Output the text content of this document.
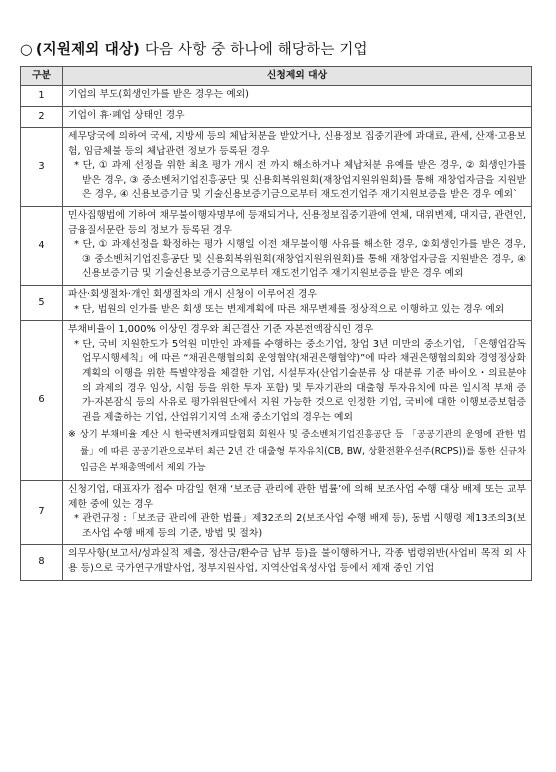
○ (지원제외 대상) 다음 사항 중 하나에 해당하는 기업
구분	신청제외 대상
1	기업의 부도(회생인가를 받은 경우는 예외)

2	기업이 휴·폐업 상태인 경우

3	세무당국에 의하여 국세, 지방세 등의 체납처분을 받았거나, 신용정보 집중기관에 과대료, 관세, 산재·고용보험, 임금체불 등의 체납관련 정보가 등록된 경우
* 단, ① 과제 선정을 위한 최초 평가 개시 전 까지 해소하거나 체납처분 유예를 받은 경우, ② 회생인가를 받은 경우, ③ 중소벤처기업진흥공단 및 신용회복위원회(재창업지원위원회)를 통해 재창업자금을 지원받은 경우, ④ 신용보증기금 및 기술신용보증기금으로부터 재도전기업주 재기지원보증을 받은 경우 예외`

4	민사집행법에 기하여 채무불이행자명부에 등재되거나, 신용정보집중기관에 연체, 대위변제, 대지급, 관련인, 금융질서문란 등의 정보가 등록된 경우
* 단, ① 과제선정을 확정하는 평가 시행일 이전 채무불이행 사유를 해소한 경우, ②회생인가를 받은 경우, ③ 중소벤처기업진흥공단 및 신용회복위원회(재창업지원위원회)를 통해 재창업자금을 지원받은 경우, ④ 신용보증기금 및 기술신용보증기금으로부터 재도전기업주 재기지원보증을 받은 경우 예외

5	파산·회생절차·개인 회생절차의 개시 신청이 이루어진 경우
* 단, 법원의 인가를 받은 회생 또는 변제계획에 따른 채무변제를 정상적으로 이행하고 있는 경우 예외

6	부채비율이 1,000% 이상인 경우와 최근결산 기준 자본전액잠식인 경우
* 단, 국비 지원한도가 5억원 미만인 과제를 수행하는 중소기업, 창업 3년 미만의 중소기업, 「은행업감독업무시행세칙」에 따른 “채권은행협의회 운영협약(채권은행협약)”에 따라 채권은행협의회와 경영정상화계획의 이행을 위한 특별약정을 체결한 기업, 시설투자(산업기술분류 상 대분류 기준 바이오・의료분야의 과제의 경우 임상, 시험 등을 위한 투자 포함) 및 투자기관의 대출형 투자유치에 따른 일시적 부채 증가·자본잠식 등의 사유로 평가위원단에서 지원 가능한 것으로 인정한 기업, 국비에 대한 이행보증보험증권을 제출하는 기업, 산업위기지역 소재 중소기업의 경우는 예외
※ 상기 부채비율 계산 시 한국벤처캐피탈협회 회원사 및 중소벤처기업진흥공단 등 「공공기관의 운영에 관한 법률」에 따른 공공기관으로부터 최근 2년 간 대출형 투자유치(CB, BW, 상환전환우선주(RCPS))를 통한 신규차입금은 부채총액에서 제외 가능

7	신청기업, 대표자가 접수 마감일 현재 ‘보조금 관리에 관한 법률’에 의해 보조사업 수행 대상 배제 또는 교부 제한 중에 있는 경우
* 관련규정 :「보조금 관리에 관한 법률」제32조의 2(보조사업 수행 배제 등), 동법 시행령 제13조의3(보조사업 수행 배제 등의 기준, 방법 및 절차)

8	의무사항(보고서/성과실적 제출, 정산금/환수금 납부 등)을 불이행하거나, 각종 법령위반(사업비 목적 외 사용 등)으로 국가연구개발사업, 정부지원사업, 지역산업육성사업 등에서 제재 중인 기업
